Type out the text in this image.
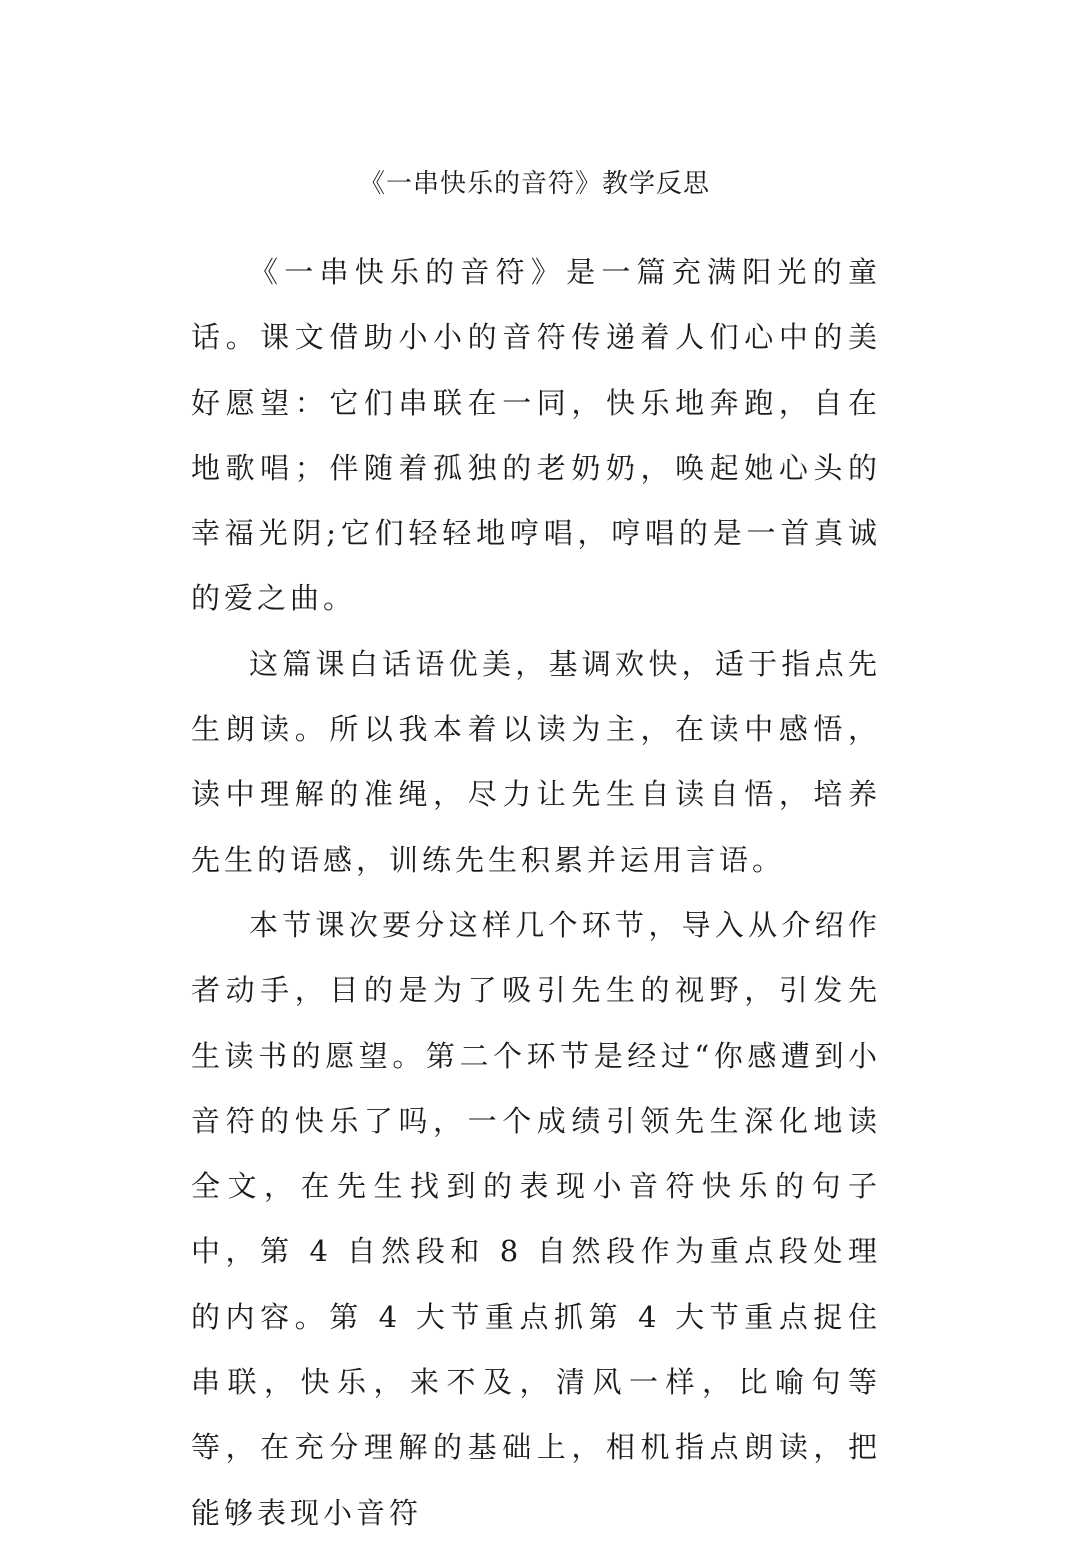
《一串快乐的音符》教学反思

《一串快乐的音符》是一篇充满阳光的童话。课文借助小小的音符传递着人们心中的美好愿望：它们串联在一同，快乐地奔跑，自在地歌唱；伴随着孤独的老奶奶，唤起她心头的幸福光阴;它们轻轻地哼唱，哼唱的是一首真诚的爱之曲。

这篇课白话语优美，基调欢快，适于指点先生朗读。所以我本着以读为主，在读中感悟，读中理解的准绳，尽力让先生自读自悟，培养先生的语感，训练先生积累并运用言语。

本节课次要分这样几个环节，导入从介绍作者动手，目的是为了吸引先生的视野，引发先生读书的愿望。第二个环节是经过“你感遭到小音符的快乐了吗，一个成绩引领先生深化地读全文，在先生找到的表现小音符快乐的句子中，第 4 自然段和 8 自然段作为重点段处理的内容。第 4 大节重点抓第 4 大节重点捉住串联，快乐，来不及，清风一样，比喻句等等，在充分理解的基础上，相机指点朗读，把能够表现小音符
